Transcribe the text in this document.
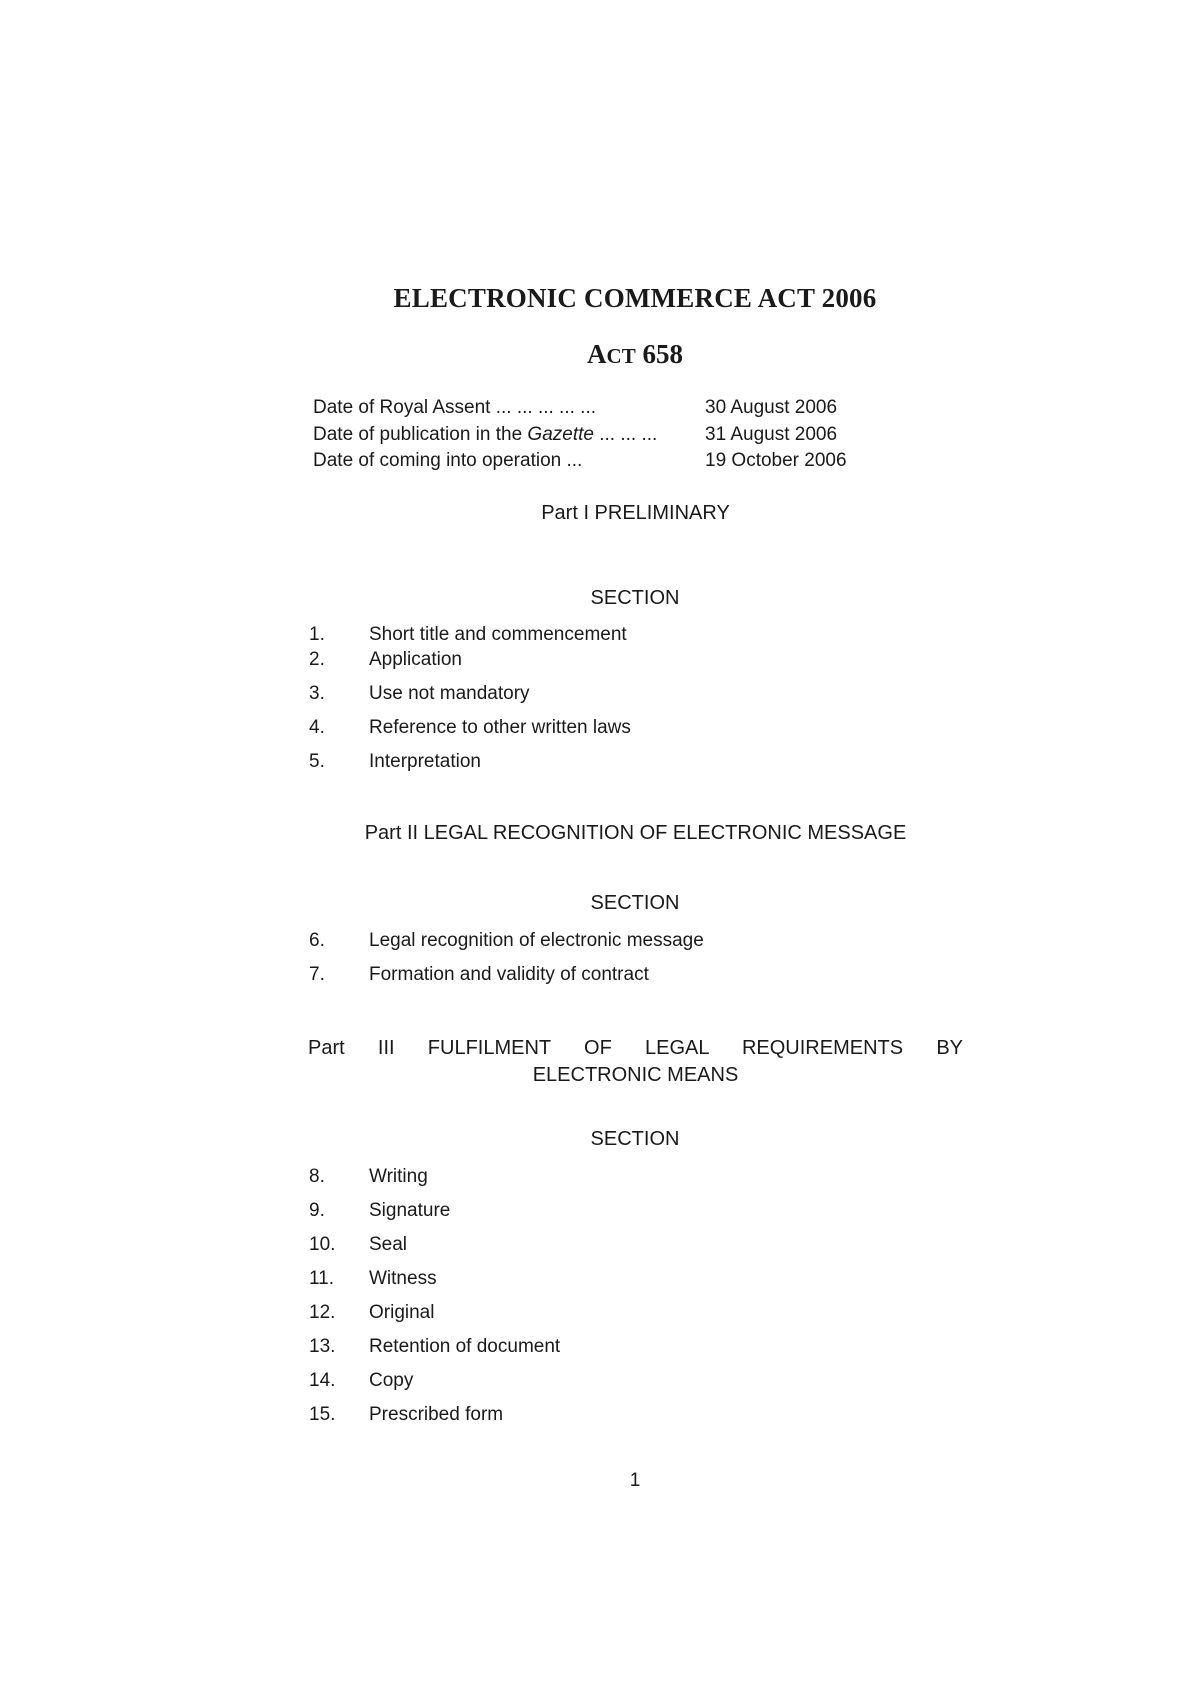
ELECTRONIC COMMERCE ACT 2006
ACT 658
Date of Royal Assent ... ... ... ... ...	30 August 2006
Date of publication in the Gazette ... ... ...	31 August 2006
Date of coming into operation ...	19 October 2006
Part I PRELIMINARY
SECTION
1. Short title and commencement
2. Application
3. Use not mandatory
4. Reference to other written laws
5. Interpretation
Part II LEGAL RECOGNITION OF ELECTRONIC MESSAGE
SECTION
6. Legal recognition of electronic message
7. Formation and validity of contract
Part III FULFILMENT OF LEGAL REQUIREMENTS BY
ELECTRONIC MEANS
SECTION
8. Writing
9. Signature
10. Seal
11. Witness
12. Original
13. Retention of document
14. Copy
15. Prescribed form
1
